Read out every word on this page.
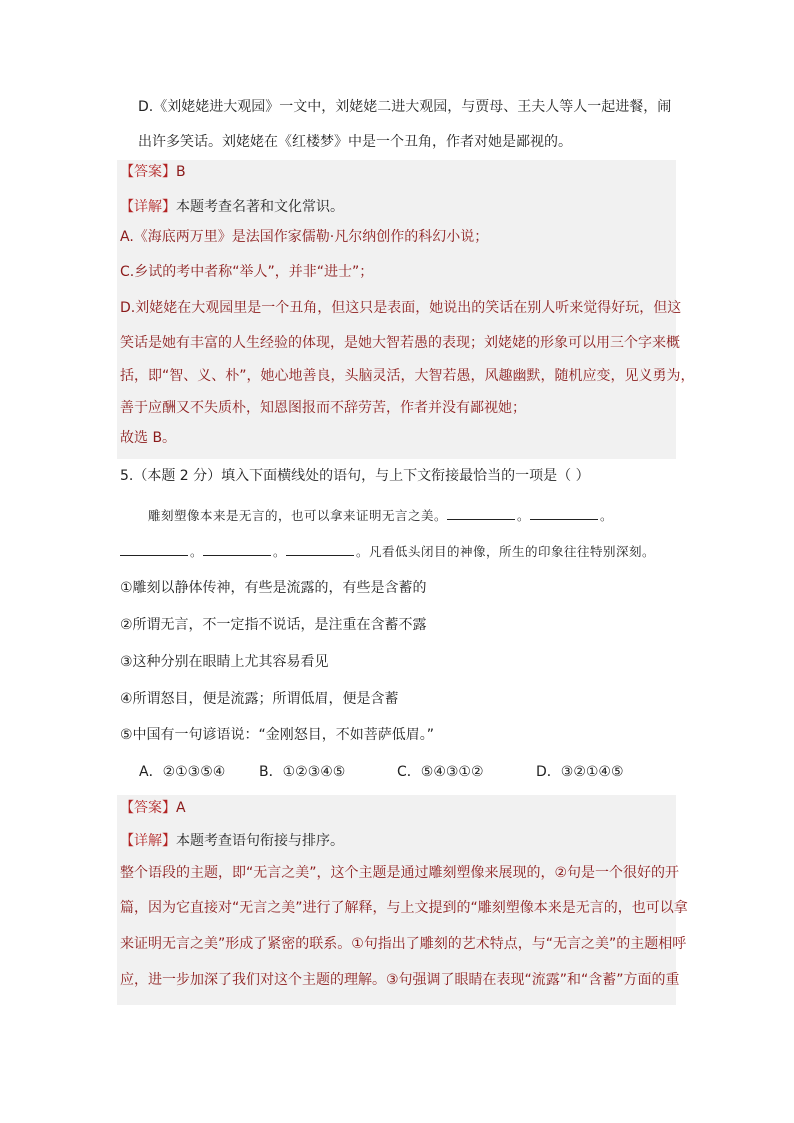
D.《刘姥姥进大观园》一文中，刘姥姥二进大观园，与贾母、王夫人等人一起进餐，闹
出许多笑话。刘姥姥在《红楼梦》中是一个丑角，作者对她是鄙视的。
【答案】B
【详解】本题考查名著和文化常识。
A.《海底两万里》是法国作家儒勒·凡尔纳创作的科幻小说；
C.乡试的考中者称“举人”，并非“进士”；
D.刘姥姥在大观园里是一个丑角，但这只是表面，她说出的笑话在别人听来觉得好玩，但这
笑话是她有丰富的人生经验的体现，是她大智若愚的表现；刘姥姥的形象可以用三个字来概
括，即“智、义、朴”，她心地善良，头脑灵活，大智若愚，风趣幽默，随机应变，见义勇为，
善于应酬又不失质朴，知恩图报而不辞劳苦，作者并没有鄙视她；
故选 B。
5.（本题 2 分）填入下面横线处的语句，与上下文衔接最恰当的一项是（ ）
雕刻塑像本来是无言的，也可以拿来证明无言之美。	。	。
。	。	。凡看低头闭目的神像，所生的印象往往特别深刻。
①雕刻以静体传神，有些是流露的，有些是含蓄的
②所谓无言，不一定指不说话，是注重在含蓄不露
③这种分别在眼睛上尤其容易看见
④所谓怒目，便是流露；所谓低眉，便是含蓄
⑤中国有一句谚语说：“金刚怒目，不如菩萨低眉。”
A．②①③⑤④ B．①②③④⑤	C．⑤④③①②	D．③②①④⑤
【答案】A
【详解】本题考查语句衔接与排序。
整个语段的主题，即“无言之美”，这个主题是通过雕刻塑像来展现的，②句是一个很好的开
篇，因为它直接对“无言之美”进行了解释，与上文提到的“雕刻塑像本来是无言的，也可以拿
来证明无言之美”形成了紧密的联系。①句指出了雕刻的艺术特点，与“无言之美”的主题相呼
应，进一步加深了我们对这个主题的理解。③句强调了眼睛在表现“流露”和“含蓄”方面的重
